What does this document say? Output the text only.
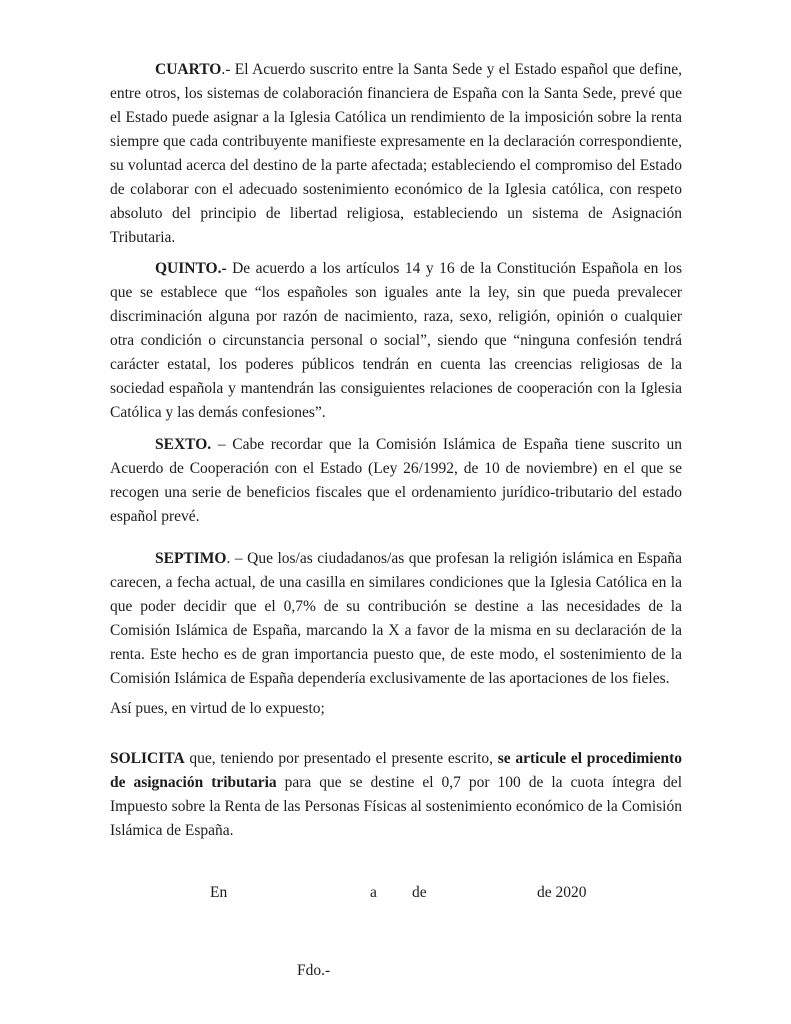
CUARTO.- El Acuerdo suscrito entre la Santa Sede y el Estado español que define, entre otros, los sistemas de colaboración financiera de España con la Santa Sede, prevé que el Estado puede asignar a la Iglesia Católica un rendimiento de la imposición sobre la renta siempre que cada contribuyente manifieste expresamente en la declaración correspondiente, su voluntad acerca del destino de la parte afectada; estableciendo el compromiso del Estado de colaborar con el adecuado sostenimiento económico de la Iglesia católica, con respeto absoluto del principio de libertad religiosa, estableciendo un sistema de Asignación Tributaria.

QUINTO.- De acuerdo a los artículos 14 y 16 de la Constitución Española en los que se establece que “los españoles son iguales ante la ley, sin que pueda prevalecer discriminación alguna por razón de nacimiento, raza, sexo, religión, opinión o cualquier otra condición o circunstancia personal o social”, siendo que “ninguna confesión tendrá carácter estatal, los poderes públicos tendrán en cuenta las creencias religiosas de la sociedad española y mantendrán las consiguientes relaciones de cooperación con la Iglesia Católica y las demás confesiones”.

SEXTO. – Cabe recordar que la Comisión Islámica de España tiene suscrito un Acuerdo de Cooperación con el Estado (Ley 26/1992, de 10 de noviembre) en el que se recogen una serie de beneficios fiscales que el ordenamiento jurídico-tributario del estado español prevé.

SEPTIMO. – Que los/as ciudadanos/as que profesan la religión islámica en España carecen, a fecha actual, de una casilla en similares condiciones que la Iglesia Católica en la que poder decidir que el 0,7% de su contribución se destine a las necesidades de la Comisión Islámica de España, marcando la X a favor de la misma en su declaración de la renta. Este hecho es de gran importancia puesto que, de este modo, el sostenimiento de la Comisión Islámica de España dependería exclusivamente de las aportaciones de los fieles.

Así pues, en virtud de lo expuesto;

SOLICITA que, teniendo por presentado el presente escrito, se articule el procedimiento de asignación tributaria para que se destine el 0,7 por 100 de la cuota íntegra del Impuesto sobre la Renta de las Personas Físicas al sostenimiento económico de la Comisión Islámica de España.

En	a de	de 2020
Fdo.-
